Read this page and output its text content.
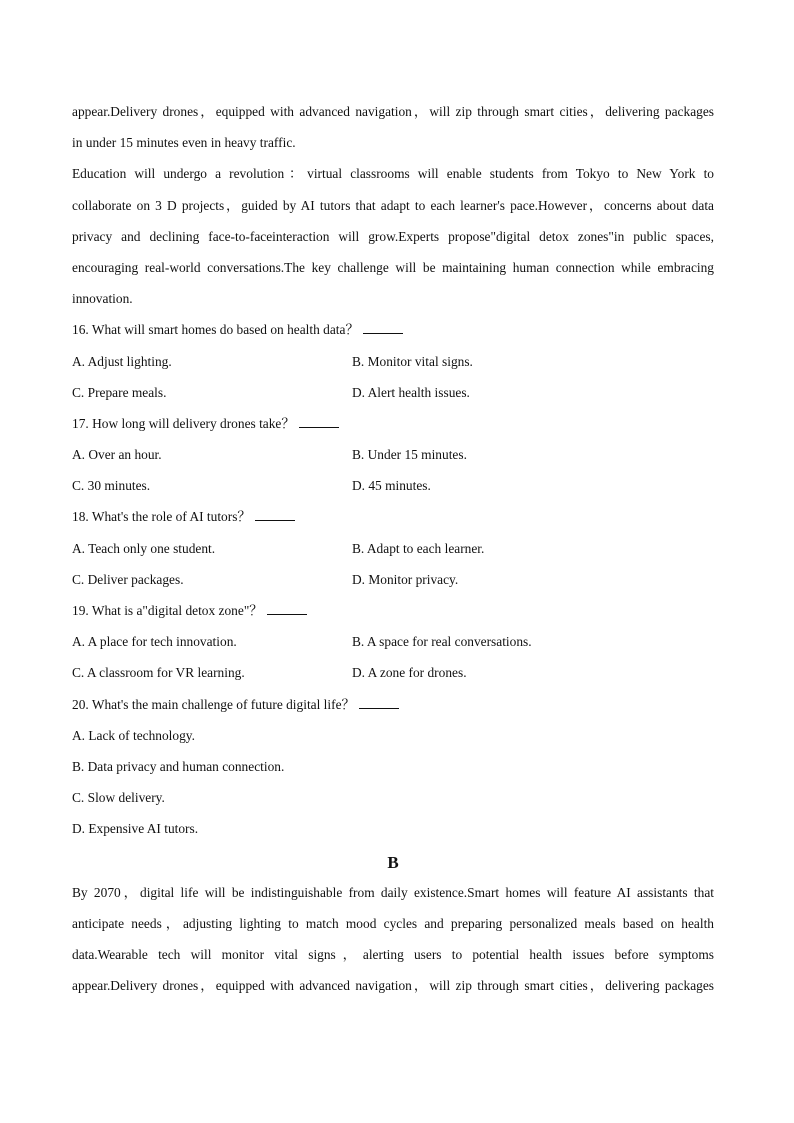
appear.Delivery drones，equipped with advanced navigation，will zip through smart cities，delivering packages
in under 15 minutes even in heavy traffic.
Education will undergo a revolution：virtual classrooms will enable students from Tokyo to New York to
collaborate on 3 D projects，guided by AI tutors that adapt to each learner's pace.However，concerns about data
privacy and declining face-to-faceinteraction will grow.Experts propose"digital detox zones"in public spaces,
encouraging real-world conversations.The key challenge will be maintaining human connection while embracing
innovation.
16. What will smart homes do based on health data？
A. Adjust lighting.	B. Monitor vital signs.
C. Prepare meals.	D. Alert health issues.
17. How long will delivery drones take？
A. Over an hour.	B. Under 15 minutes.
C. 30 minutes.	D. 45 minutes.
18. What's the role of AI tutors？
A. Teach only one student.	B. Adapt to each learner.
C. Deliver packages.	D. Monitor privacy.
19. What is a"digital detox zone"？
A. A place for tech innovation.	B. A space for real conversations.
C. A classroom for VR learning.	D. A zone for drones.
20. What's the main challenge of future digital life？
A. Lack of technology.
B. Data privacy and human connection.
C. Slow delivery.
D. Expensive AI tutors.
B
By 2070，digital life will be indistinguishable from daily existence.Smart homes will feature AI assistants that
anticipate needs，adjusting lighting to match mood cycles and preparing personalized meals based on health
data.Wearable tech will monitor vital signs，alerting users to potential health issues before symptoms
appear.Delivery drones，equipped with advanced navigation，will zip through smart cities，delivering packages
